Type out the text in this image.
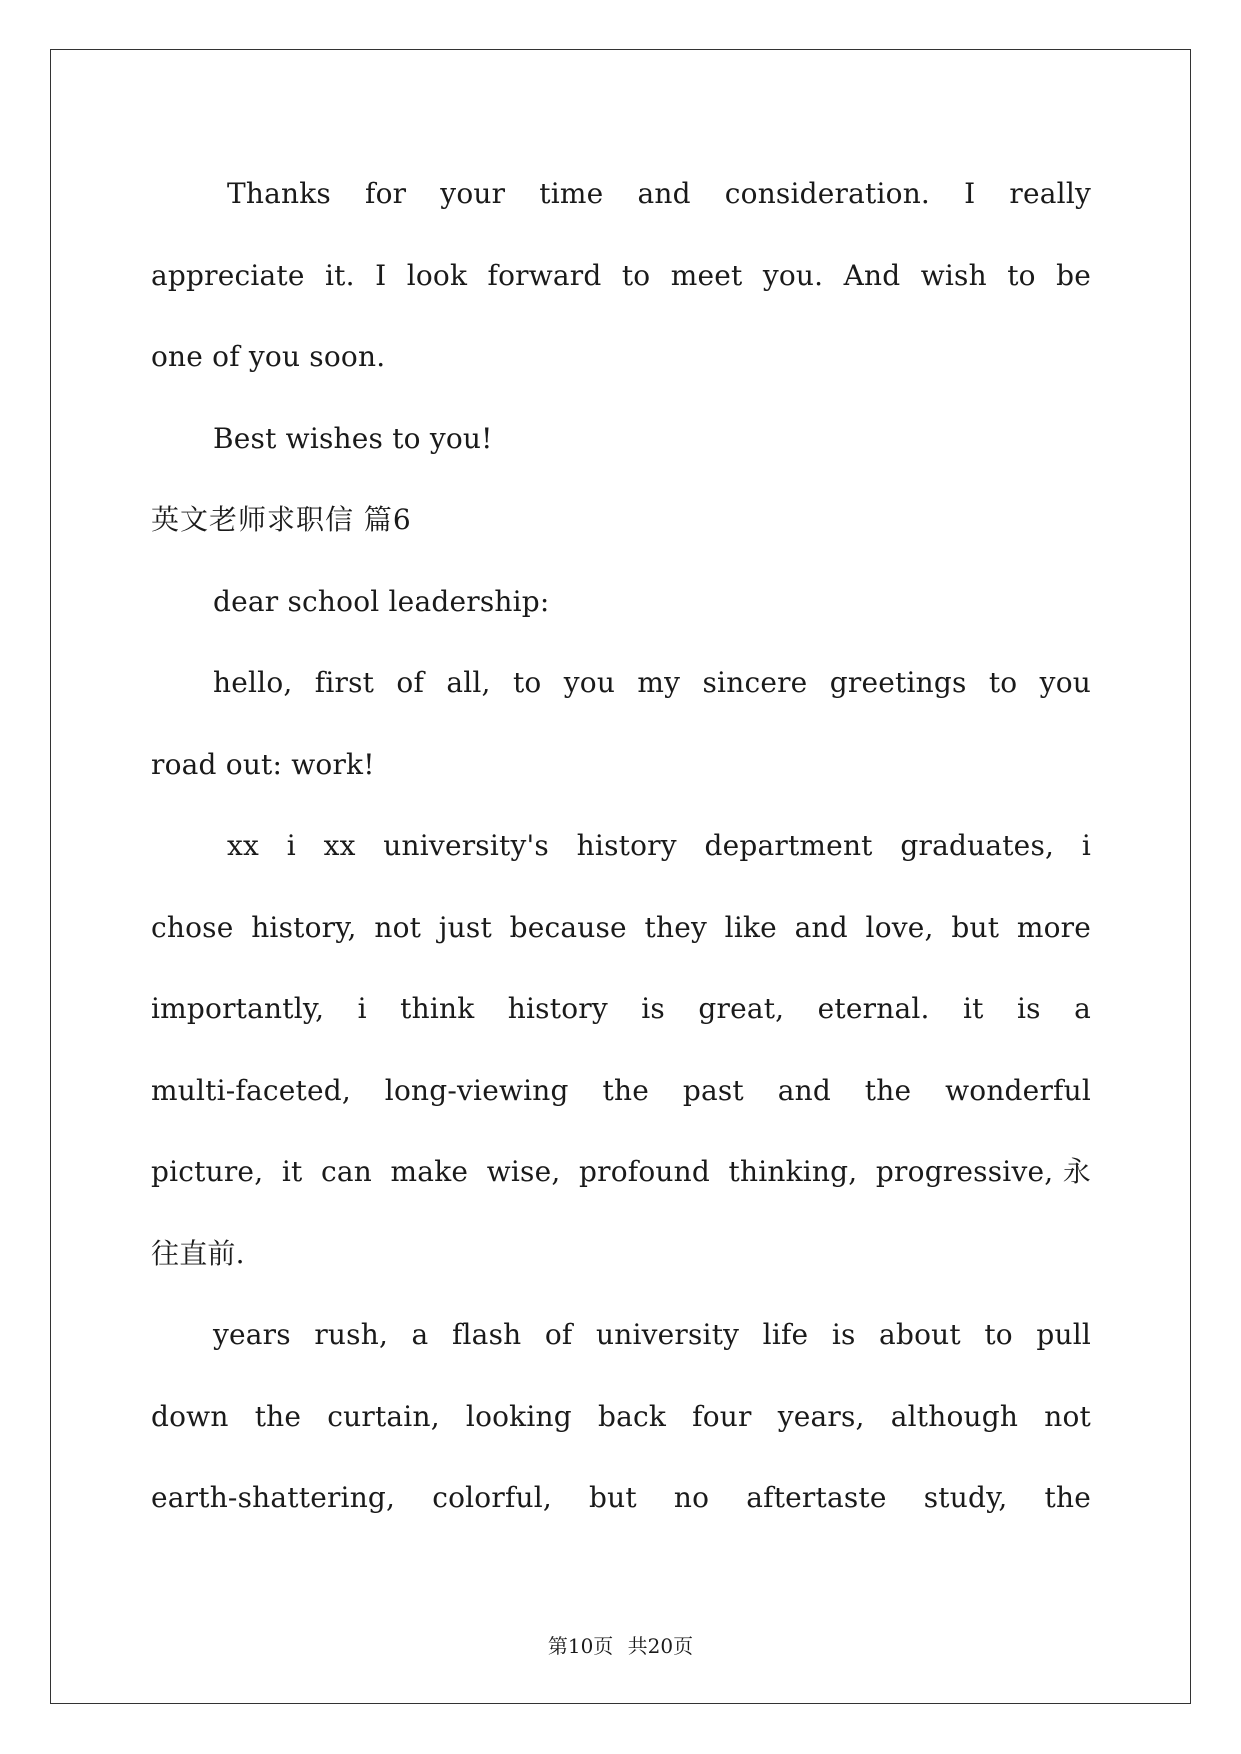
Thanks for your time and consideration. I really
appreciate it. I look forward to meet you. And wish to be
one of you soon.
Best wishes to you!
英文老师求职信 篇6
dear school leadership:
hello, first of all, to you my sincere greetings to you
road out: work!
xx i xx university's history department graduates, i
chose history, not just because they like and love, but more
importantly, i think history is great, eternal. it is a
multi-faceted, long-viewing the past and the wonderful
picture, it can make wise, profound thinking, progressive,永
往直前.
years rush, a flash of university life is about to pull
down the curtain, looking back four years, although not
earth-shattering, colorful, but no aftertaste study, the
第10页 共20页
